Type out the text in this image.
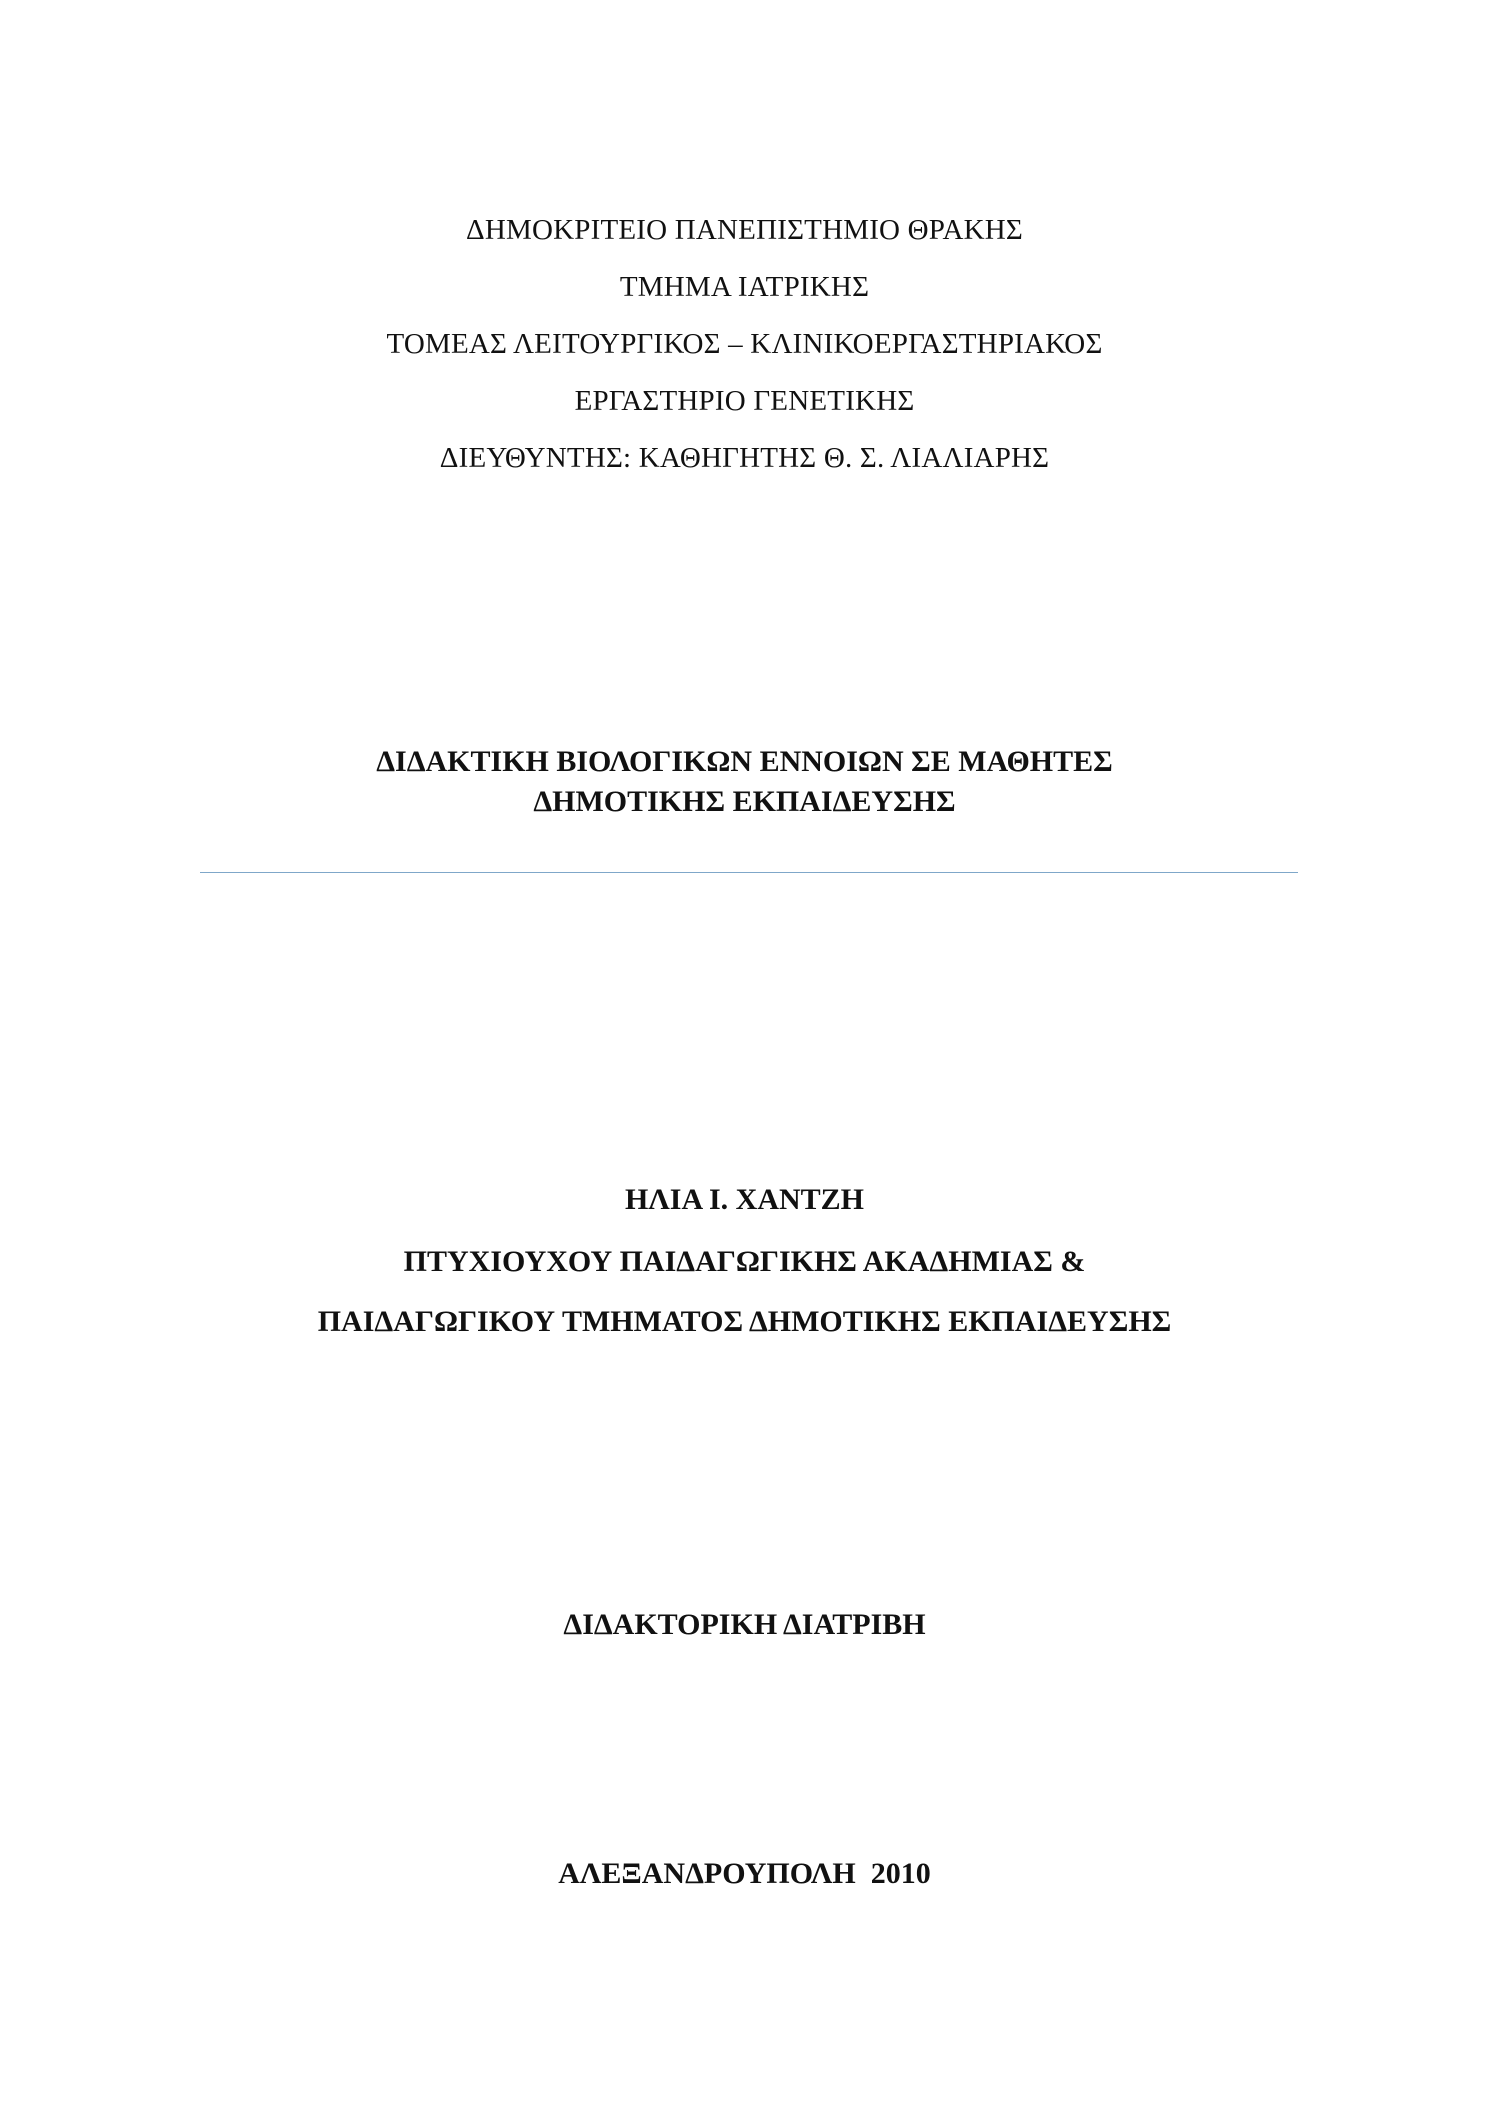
ΔΗΜΟΚΡΙΤΕΙΟ ΠΑΝΕΠΙΣΤΗΜΙΟ ΘΡΑΚΗΣ
ΤΜΗΜΑ ΙΑΤΡΙΚΗΣ
ΤΟΜΕΑΣ ΛΕΙΤΟΥΡΓΙΚΟΣ – ΚΛΙΝΙΚΟΕΡΓΑΣΤΗΡΙΑΚΟΣ
ΕΡΓΑΣΤΗΡΙΟ ΓΕΝΕΤΙΚΗΣ
ΔΙΕΥΘΥΝΤΗΣ: ΚΑΘΗΓΗΤΗΣ Θ. Σ. ΛΙΑΛΙΑΡΗΣ
ΔΙΔΑΚΤΙΚΗ ΒΙΟΛΟΓΙΚΩΝ ΕΝΝΟΙΩΝ ΣΕ ΜΑΘΗΤΕΣ
ΔΗΜΟΤΙΚΗΣ ΕΚΠΑΙΔΕΥΣΗΣ
ΗΛΙΑ Ι. ΧΑΝΤΖΗ
ΠΤΥΧΙΟΥΧΟΥ ΠΑΙΔΑΓΩΓΙΚΗΣ ΑΚΑΔΗΜΙΑΣ &
ΠΑΙΔΑΓΩΓΙΚΟΥ ΤΜΗΜΑΤΟΣ ΔΗΜΟΤΙΚΗΣ ΕΚΠΑΙΔΕΥΣΗΣ
ΔΙΔΑΚΤΟΡΙΚΗ ΔΙΑΤΡΙΒΗ
ΑΛΕΞΑΝΔΡΟΥΠΟΛΗ  2010
